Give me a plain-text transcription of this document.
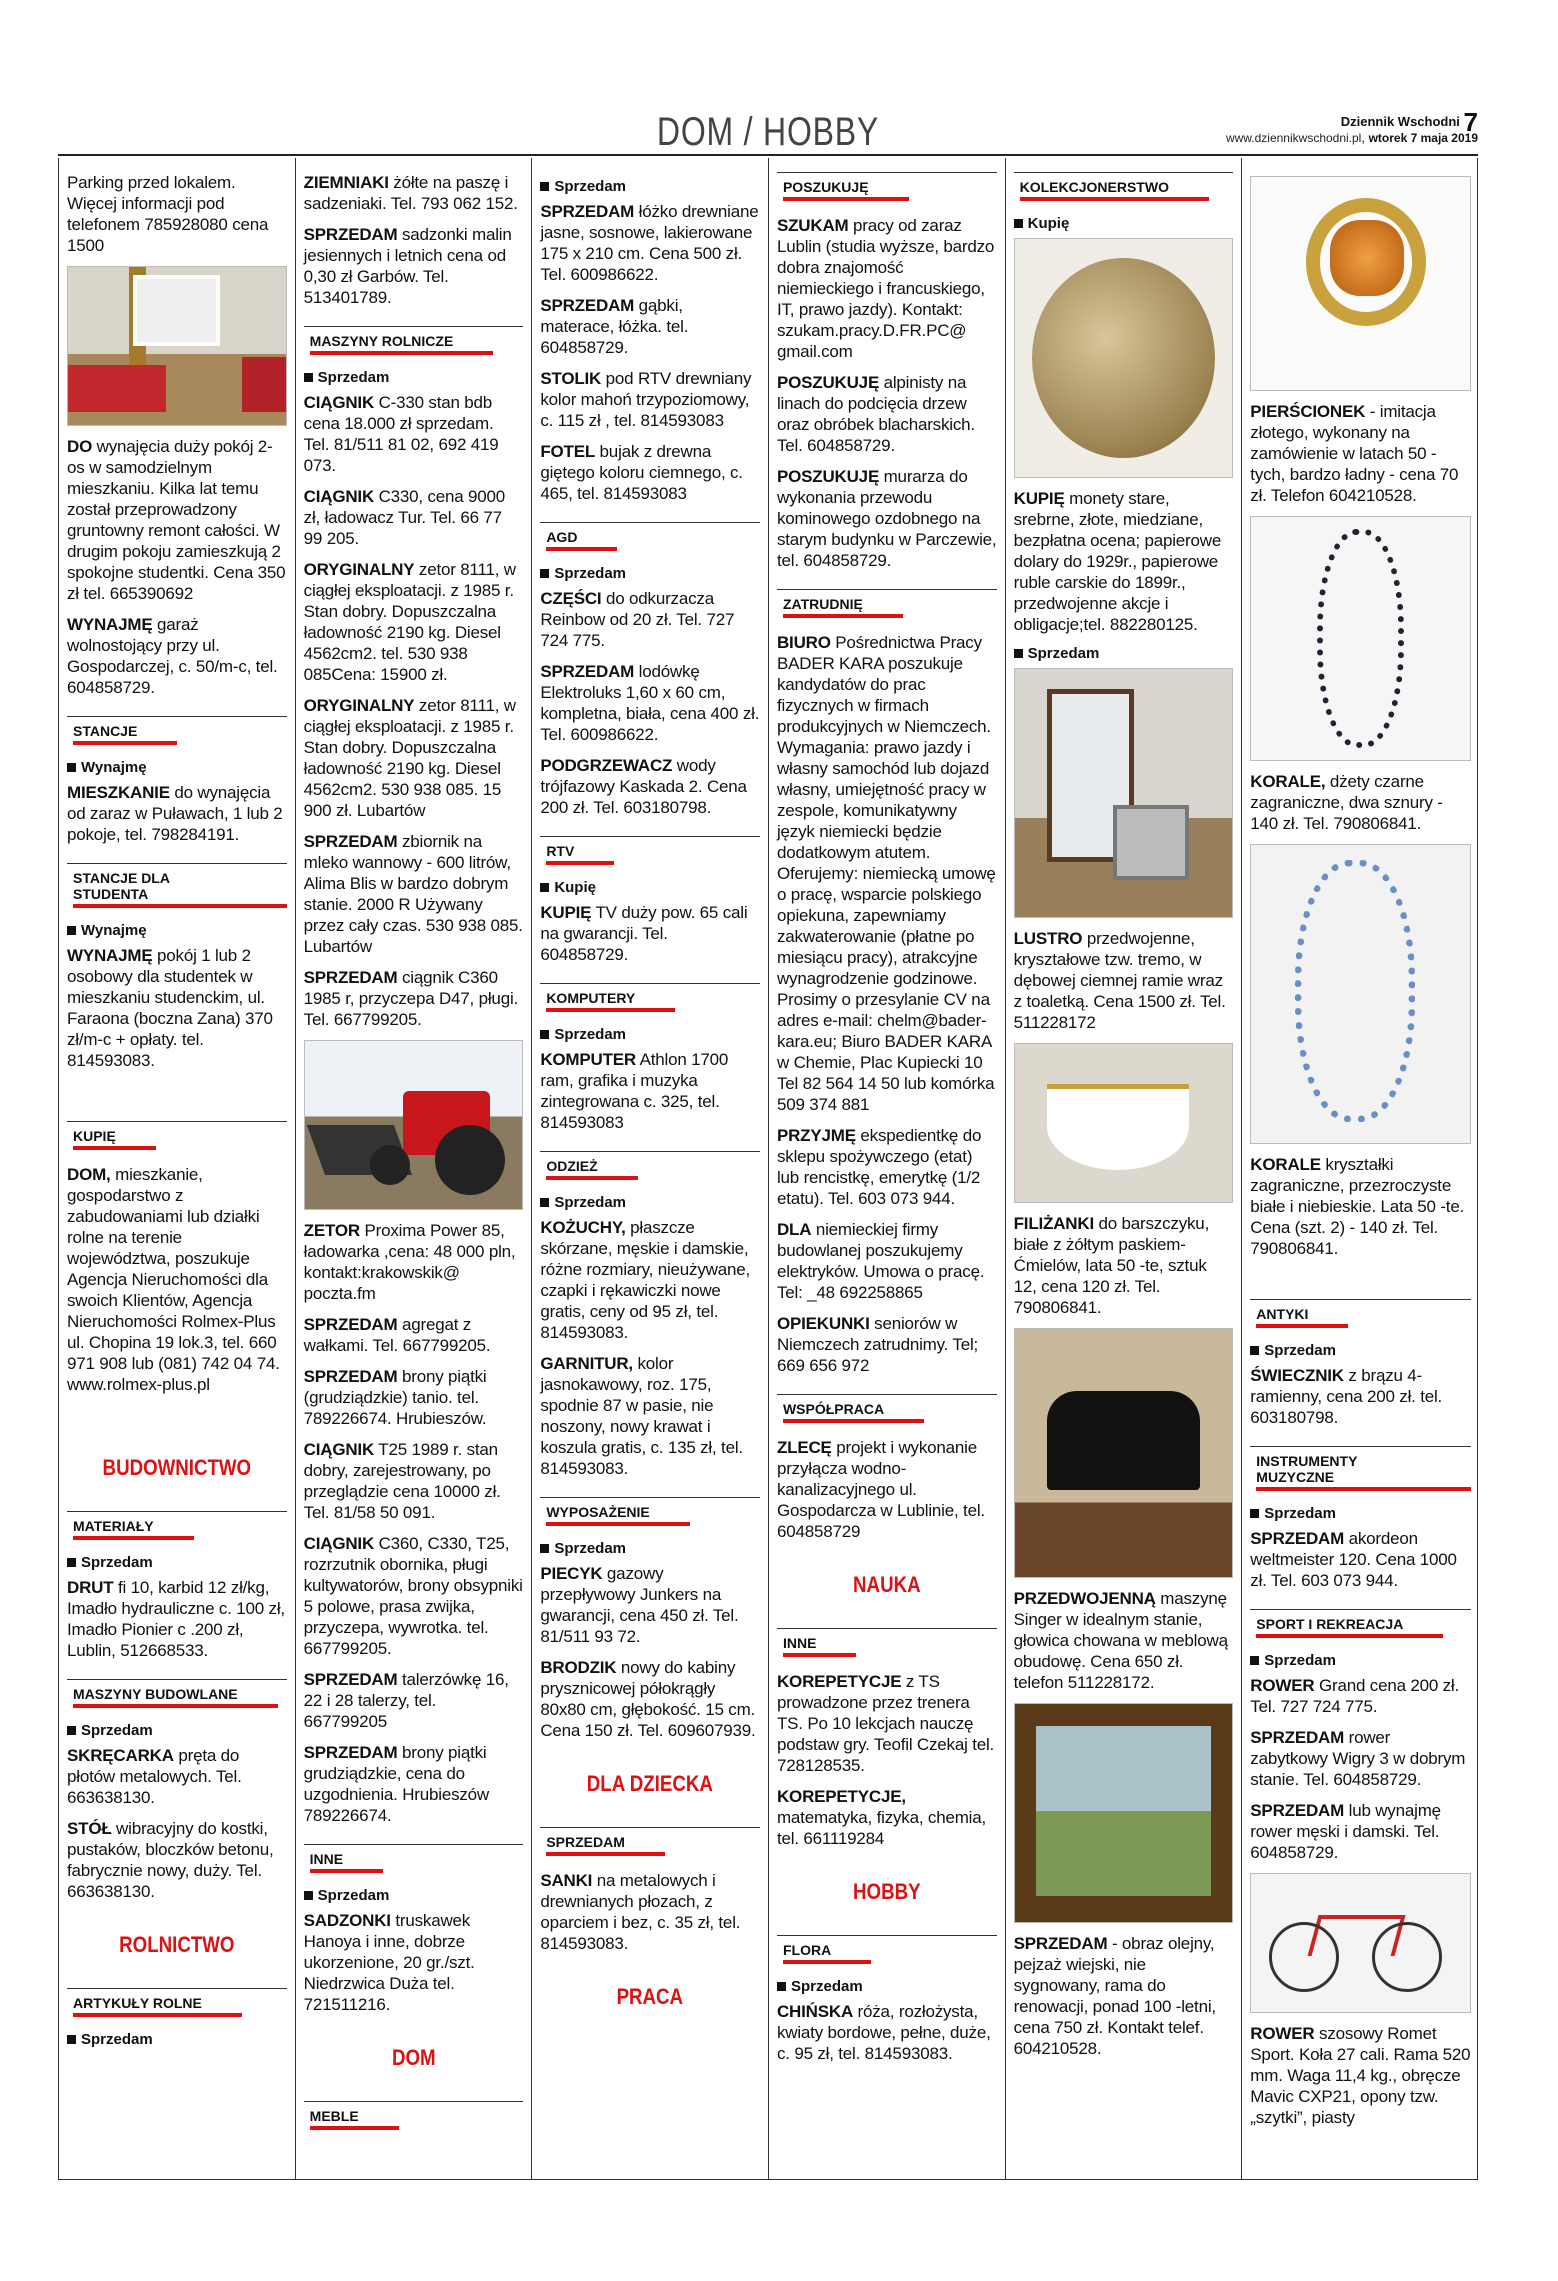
DOM / HOBBY	Dziennik Wschodni 7
www.dziennikwschodni.pl, wtorek 7 maja 2019
Parking przed lokalem. Więcej informacji pod telefonem 785928080 cena 1500
DO wynajęcia duży pokój 2-os w samodzielnym mieszkaniu. Kilka lat temu został przeprowadzony gruntowny remont całości. W drugim pokoju zamieszkują 2 spokojne studentki. Cena 350 zł tel. 665390692
WYNAJMĘ garaż wolnostojący przy ul. Gospodarczej, c. 50/m-c, tel. 604858729.
STANCJE
Wynajmę
MIESZKANIE do wynajęcia od zaraz w Puławach, 1 lub 2 pokoje, tel. 798284191.
STANCJE DLA STUDENTA
Wynajmę
WYNAJMĘ pokój 1 lub 2 osobowy dla studentek w mieszkaniu studenckim, ul. Faraona (boczna Zana) 370 zł/m-c + opłaty. tel. 814593083.
KUPIĘ
DOM, mieszkanie, gospodarstwo z zabudowaniami lub działki rolne na terenie województwa, poszukuje Agencja Nieruchomości dla swoich Klientów, Agencja Nieruchomości Rolmex-Plus ul. Chopina 19 lok.3, tel. 660 971 908 lub (081) 742 04 74. www.rolmex-plus.pl
BUDOWNICTWO
MATERIAŁY
Sprzedam
DRUT fi 10, karbid 12 zł/kg, Imadło hydrauliczne c. 100 zł, Imadło Pionier c .200 zł, Lublin, 512668533.
MASZYNY BUDOWLANE
Sprzedam
SKRĘCARKA pręta do płotów metalowych. Tel. 663638130.
STÓŁ wibracyjny do kostki, pustaków, bloczków betonu, fabrycznie nowy, duży. Tel. 663638130.
ROLNICTWO
ARTYKUŁY ROLNE
Sprzedam
ZIEMNIAKI żółte na paszę i sadzeniaki. Tel. 793 062 152.
SPRZEDAM sadzonki malin jesiennych i letnich cena od 0,30 zł Garbów. Tel. 513401789.
MASZYNY ROLNICZE
Sprzedam
CIĄGNIK C-330 stan bdb cena 18.000 zł sprzedam. Tel. 81/511 81 02, 692 419 073.
CIĄGNIK C330, cena 9000 zł, ładowacz Tur. Tel. 66 77 99 205.
ORYGINALNY zetor 8111, w ciągłej eksploatacji. z 1985 r. Stan dobry. Dopuszczalna ładowność 2190 kg. Diesel 4562cm2. tel. 530 938 085Cena: 15900 zł.
ORYGINALNY zetor 8111, w ciągłej eksploatacji. z 1985 r. Stan dobry. Dopuszczalna ładowność 2190 kg. Diesel 4562cm2. 530 938 085. 15 900 zł. Lubartów
SPRZEDAM zbiornik na mleko wannowy - 600 litrów, Alima Blis w bardzo dobrym stanie. 2000 R Używany przez cały czas. 530 938 085. Lubartów
SPRZEDAM ciągnik C360 1985 r, przyczepa D47, pługi. Tel. 667799205.
ZETOR Proxima Power 85, ładowarka ,cena: 48 000 pln, kontakt:krakowskik@ poczta.fm
SPRZEDAM agregat z wałkami. Tel. 667799205.
SPRZEDAM brony piątki (grudziądzkie) tanio. tel. 789226674. Hrubieszów.
CIĄGNIK T25 1989 r. stan dobry, zarejestrowany, po przeglądzie cena 10000 zł. Tel. 81/58 50 091.
CIĄGNIK C360, C330, T25, rozrzutnik obornika, pługi kultywatorów, brony obsypniki 5 polowe, prasa zwijka, przyczepa, wywrotka. tel. 667799205.
SPRZEDAM talerzówkę 16, 22 i 28 talerzy, tel. 667799205
SPRZEDAM brony piątki grudziądzkie, cena do uzgodnienia. Hrubieszów 789226674.
INNE
Sprzedam
SADZONKI truskawek Hanoya i inne, dobrze ukorzenione, 20 gr./szt. Niedrzwica Duża tel. 721511216.
DOM
MEBLE
Sprzedam
SPRZEDAM łóżko drewniane jasne, sosnowe, lakierowane 175 x 210 cm. Cena 500 zł. Tel. 600986622.
SPRZEDAM gąbki, materace, łóżka. tel. 604858729.
STOLIK pod RTV drewniany kolor mahoń trzypoziomowy, c. 115 zł , tel. 814593083
FOTEL bujak z drewna giętego koloru ciemnego, c. 465, tel. 814593083
AGD
Sprzedam
CZĘŚCI do odkurzacza Reinbow od 20 zł. Tel. 727 724 775.
SPRZEDAM lodówkę Elektroluks 1,60 x 60 cm, kompletna, biała, cena 400 zł. Tel. 600986622.
PODGRZEWACZ wody trójfazowy Kaskada 2. Cena 200 zł. Tel. 603180798.
RTV
Kupię
KUPIĘ TV duży pow. 65 cali na gwarancji. Tel. 604858729.
KOMPUTERY
Sprzedam
KOMPUTER Athlon 1700 ram, grafika i muzyka zintegrowana c. 325, tel. 814593083
ODZIEŻ
Sprzedam
KOŻUCHY, płaszcze skórzane, męskie i damskie, różne rozmiary, nieużywane, czapki i rękawiczki nowe gratis, ceny od 95 zł, tel. 814593083.
GARNITUR, kolor jasnokawowy, roz. 175, spodnie 87 w pasie, nie noszony, nowy krawat i koszula gratis, c. 135 zł, tel. 814593083.
WYPOSAŻENIE
Sprzedam
PIECYK gazowy przepływowy Junkers na gwarancji, cena 450 zł. Tel. 81/511 93 72.
BRODZIK nowy do kabiny prysznicowej półokrągły 80x80 cm, głębokość. 15 cm. Cena 150 zł. Tel. 609607939.
DLA DZIECKA
SPRZEDAM
SANKI na metalowych i drewnianych płozach, z oparciem i bez, c. 35 zł, tel. 814593083.
PRACA
POSZUKUJĘ
SZUKAM pracy od zaraz Lublin (studia wyższe, bardzo dobra znajomość niemieckiego i francuskiego, IT, prawo jazdy). Kontakt: szukam.pracy.D.FR.PC@ gmail.com
POSZUKUJĘ alpinisty na linach do podcięcia drzew oraz obróbek blacharskich. Tel. 604858729.
POSZUKUJĘ murarza do wykonania przewodu kominowego ozdobnego na starym budynku w Parczewie, tel. 604858729.
ZATRUDNIĘ
BIURO Pośrednictwa Pracy BADER KARA poszukuje kandydatów do prac fizycznych w firmach produkcyjnych w Niemczech. Wymagania: prawo jazdy i własny samochód lub dojazd własny, umiejętność pracy w zespole, komunikatywny język niemiecki będzie dodatkowym atutem. Oferujemy: niemiecką umowę o pracę, wsparcie polskiego opiekuna, zapewniamy zakwaterowanie (płatne po miesiącu pracy), atrakcyjne wynagrodzenie godzinowe. Prosimy o przesylanie CV na adres e-mail: chelm@bader-kara.eu; Biuro BADER KARA w Chemie, Plac Kupiecki 10 Tel 82 564 14 50 lub komórka 509 374 881
PRZYJMĘ ekspedientkę do sklepu spożywczego (etat) lub rencistkę, emerytkę (1/2 etatu). Tel. 603 073 944.
DLA niemieckiej firmy budowlanej poszukujemy elektryków. Umowa o pracę. Tel: _48 692258865
OPIEKUNKI seniorów w Niemczech zatrudnimy. Tel; 669 656 972
WSPÓŁPRACA
ZLECĘ projekt i wykonanie przyłącza wodno-kanalizacyjnego ul. Gospodarcza w Lublinie, tel. 604858729
NAUKA
INNE
KOREPETYCJE z TS prowadzone przez trenera TS. Po 10 lekcjach nauczę podstaw gry. Teofil Czekaj tel. 728128535.
KOREPETYCJE, matematyka, fizyka, chemia, tel. 661119284
HOBBY
FLORA
Sprzedam
CHIŃSKA róża, rozłożysta, kwiaty bordowe, pełne, duże, c. 95 zł, tel. 814593083.
KOLEKCJONERSTWO
Kupię
KUPIĘ monety stare, srebrne, złote, miedziane, bezpłatna ocena; papierowe dolary do 1929r., papierowe ruble carskie do 1899r., przedwojenne akcje i obligacje;tel. 882280125.
Sprzedam
LUSTRO przedwojenne, kryształowe tzw. tremo, w dębowej ciemnej ramie wraz z toaletką. Cena 1500 zł. Tel. 511228172
FILIŻANKI do barszczyku, białe z żółtym paskiem-Ćmielów, lata 50 -te, sztuk 12, cena 120 zł. Tel. 790806841.
PRZEDWOJENNĄ maszynę Singer w idealnym stanie, głowica chowana w meblową obudowę. Cena 650 zł. telefon 511228172.
SPRZEDAM - obraz olejny, pejzaż wiejski, nie sygnowany, rama do renowacji, ponad 100 -letni, cena 750 zł. Kontakt telef. 604210528.
PIERŚCIONEK - imitacja złotego, wykonany na zamówienie w latach 50 -tych, bardzo ładny - cena 70 zł. Telefon 604210528.
KORALE, dżety czarne zagraniczne, dwa sznury - 140 zł. Tel. 790806841.
KORALE kryształki zagraniczne, przezroczyste białe i niebieskie. Lata 50 -te. Cena (szt. 2) - 140 zł. Tel. 790806841.
ANTYKI
Sprzedam
ŚWIECZNIK z brązu 4-ramienny, cena 200 zł. tel. 603180798.
INSTRUMENTY MUZYCZNE
Sprzedam
SPRZEDAM akordeon weltmeister 120. Cena 1000 zł. Tel. 603 073 944.
SPORT I REKREACJA
Sprzedam
ROWER Grand cena 200 zł. Tel. 727 724 775.
SPRZEDAM rower zabytkowy Wigry 3 w dobrym stanie. Tel. 604858729.
SPRZEDAM lub wynajmę rower męski i damski. Tel. 604858729.
ROWER szosowy Romet Sport. Koła 27 cali. Rama 520 mm. Waga 11,4 kg., obręcze Mavic CXP21, opony tzw. „szytki”, piasty
